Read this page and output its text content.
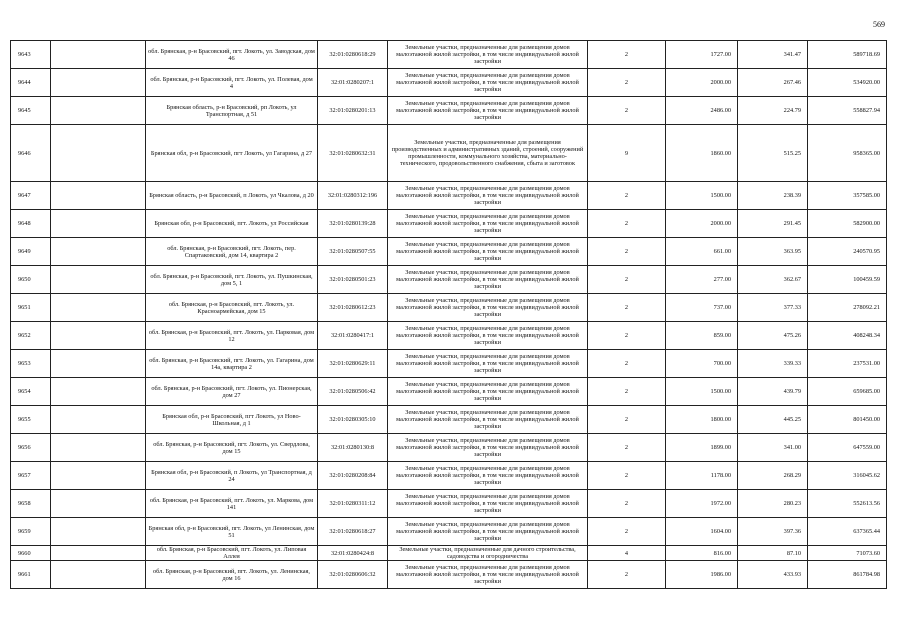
569
9643		обл. Брянская, р-н Брасовский, пгт. Локоть, ул. Заводская, дом 46	32:01:0280618:29	Земельные участки, предназначенные для размещения домов малоэтажной жилой застройки, в том числе индивидуальной жилой застройки	2	1727.00	341.47	589718.69
9644		обл. Брянская, р-н Брасовский, пгт. Локоть, ул. Полевая, дом 4	32:01:0280207:1	Земельные участки, предназначенные для размещения домов малоэтажной жилой застройки, в том числе индивидуальной жилой застройки	2	2000.00	267.46	534920.00
9645		Брянская область, р-н Брасовский, рп Локоть, ул Транспортная, д 51	32:01:0280201:13	Земельные участки, предназначенные для размещения домов малоэтажной жилой застройки, в том числе индивидуальной жилой застройки	2	2486.00	224.79	558827.94
9646		Брянская обл, р-н Брасовский, пгт Локоть, ул Гагарина, д 27	32:01:0280632:31	Земельные участки, предназначенные для размещения производственных и административных зданий, строений, сооружений промышленности, коммунального хозяйства, материально-технического, продовольственного снабжения, сбыта и заготовок	9	1860.00	515.25	958365.00
9647		Брянская область, р-н Брасовский, п Локоть, ул Чкалова, д 20	32:01:0280312:196	Земельные участки, предназначенные для размещения домов малоэтажной жилой застройки, в том числе индивидуальной жилой застройки	2	1500.00	238.39	357585.00
9648		Брянская обл, р-н Брасовский, пгт. Локоть, ул Российская	32:01:0280139:28	Земельные участки, предназначенные для размещения домов малоэтажной жилой застройки, в том числе индивидуальной жилой застройки	2	2000.00	291.45	582900.00
9649		обл. Брянская, р-н Брасовский, пгт. Локоть, пер. Спартаковский, дом 14, квартира 2	32:01:0280507:55	Земельные участки, предназначенные для размещения домов малоэтажной жилой застройки, в том числе индивидуальной жилой застройки	2	661.00	363.95	240570.95
9650		обл. Брянская, р-н Брасовский, пгт. Локоть, ул. Пушкинская, дом 5, 1	32:01:0280501:23	Земельные участки, предназначенные для размещения домов малоэтажной жилой застройки, в том числе индивидуальной жилой застройки	2	277.00	362.67	100459.59
9651		обл. Брянская, р-н Брасовский, пгт. Локоть, ул. Красноармейская, дом 15	32:01:0280612:23	Земельные участки, предназначенные для размещения домов малоэтажной жилой застройки, в том числе индивидуальной жилой застройки	2	737.00	377.33	278092.21
9652		обл. Брянская, р-н Брасовский, пгт. Локоть, ул. Парковая, дом 12	32:01:0280417:1	Земельные участки, предназначенные для размещения домов малоэтажной жилой застройки, в том числе индивидуальной жилой застройки	2	859.00	475.26	408248.34
9653		обл. Брянская, р-н Брасовский, пгт. Локоть, ул. Гагарина, дом 14а, квартира 2	32:01:0280629:11	Земельные участки, предназначенные для размещения домов малоэтажной жилой застройки, в том числе индивидуальной жилой застройки	2	700.00	339.33	237531.00
9654		обл. Брянская, р-н Брасовский, пгт. Локоть, ул. Пионерская, дом 27	32:01:0280506:42	Земельные участки, предназначенные для размещения домов малоэтажной жилой застройки, в том числе индивидуальной жилой застройки	2	1500.00	439.79	659685.00
9655		Брянская обл, р-н Брасовский, пгт Локоть, ул Ново-Школьная, д 1	32:01:0280305:10	Земельные участки, предназначенные для размещения домов малоэтажной жилой застройки, в том числе индивидуальной жилой застройки	2	1800.00	445.25	801450.00
9656		обл. Брянская, р-н Брасовский, пгт. Локоть, ул. Свердлова, дом 15	32:01:0280130:8	Земельные участки, предназначенные для размещения домов малоэтажной жилой застройки, в том числе индивидуальной жилой застройки	2	1899.00	341.00	647559.00
9657		Брянская обл, р-н Брасовский, п Локоть, ул Транспортная, д 24	32:01:0280208:84	Земельные участки, предназначенные для размещения домов малоэтажной жилой застройки, в том числе индивидуальной жилой застройки	2	1178.00	268.29	316045.62
9658		обл. Брянская, р-н Брасовский, пгт. Локоть, ул. Маркова, дом 141	32:01:0280311:12	Земельные участки, предназначенные для размещения домов малоэтажной жилой застройки, в том числе индивидуальной жилой застройки	2	1972.00	280.23	552613.56
9659		Брянская обл, р-н Брасовский, пгт. Локоть, ул Ленинская, дом 51	32:01:0280618:27	Земельные участки, предназначенные для размещения домов малоэтажной жилой застройки, в том числе индивидуальной жилой застройки	2	1604.00	397.36	637365.44
9660		обл. Брянская, р-н Брасовский, пгт. Локоть, ул. Липовая Аллея	32:01:0280424:8	Земельные участки, предназначенные для дачного строительства, садоводства и огородничества	4	816.00	87.10	71073.60
9661		обл. Брянская, р-н Брасовский, пгт. Локоть, ул. Ленинская, дом 16	32:01:0280606:32	Земельные участки, предназначенные для размещения домов малоэтажной жилой застройки, в том числе индивидуальной жилой застройки	2	1986.00	433.93	861784.98
